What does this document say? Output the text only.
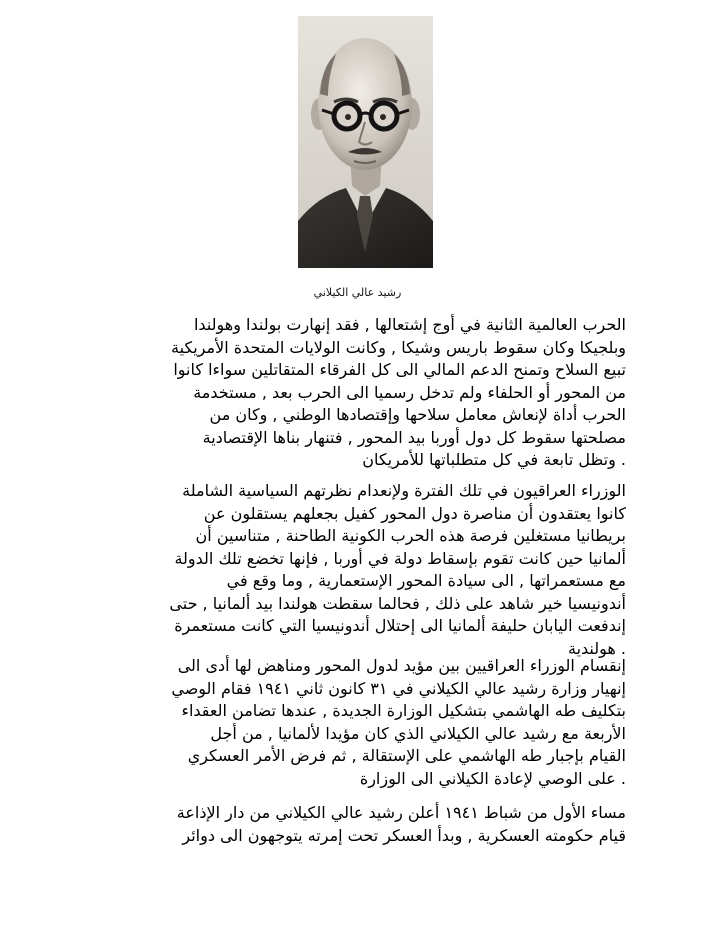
رشيد عالي الكيلاني
الحرب العالمية الثانية في أوج إشتعالها , فقد إنهارت بولندا وهولندا
وبلجيكا وكان سقوط باريس وشيكا , وكانت الولايات المتحدة الأمريكية
تبيع السلاح وتمنح الدعم المالي الى كل الفرقاء المتقاتلين سواءا كانوا
من المحور أو الحلفاء ولم تدخل رسميا الى الحرب بعد , مستخدمة
الحرب أداة لإنعاش معامل سلاحها وإقتصادها الوطني , وكان من
مصلحتها سقوط كل دول أوربا بيد المحور , فتنهار بناها الإقتصادية
. وتظل تابعة في كل متطلباتها للأمريكان
الوزراء العراقيون في تلك الفترة ولإنعدام نظرتهم السياسية الشاملة
كانوا يعتقدون أن مناصرة دول المحور كفيل بجعلهم يستقلون عن
بريطانيا مستغلين فرصة هذه الحرب الكونية الطاحنة , متناسين أن
ألمانيا حين كانت تقوم بإسقاط دولة في أوربا , فإنها تخضع تلك الدولة
مع مستعمراتها , الى سيادة المحور الإستعمارية , وما وقع في
أندونيسيا خير شاهد على ذلك , فحالما سقطت هولندا بيد ألمانيا , حتى
إندفعت اليابان حليفة ألمانيا الى إحتلال أندونيسيا التي كانت مستعمرة
. هولندية
إنقسام الوزراء العراقيين بين مؤيد لدول المحور ومناهض لها أدى الى
إنهيار وزارة رشيد عالي الكيلاني في ٣١ كانون ثاني ١٩٤١ فقام الوصي
بتكليف طه الهاشمي بتشكيل الوزارة الجديدة , عندها تضامن العقداء
الأربعة مع رشيد عالي الكيلاني الذي كان مؤيدا لألمانيا , من أجل
القيام بإجبار طه الهاشمي على الإستقالة , ثم فرض الأمر العسكري
. على الوصي لإعادة الكيلاني الى الوزارة
مساء الأول من شباط ١٩٤١ أعلن رشيد عالي الكيلاني من دار الإذاعة
قيام حكومته العسكرية , وبدأ العسكر تحت إمرته يتوجهون الى دوائر
